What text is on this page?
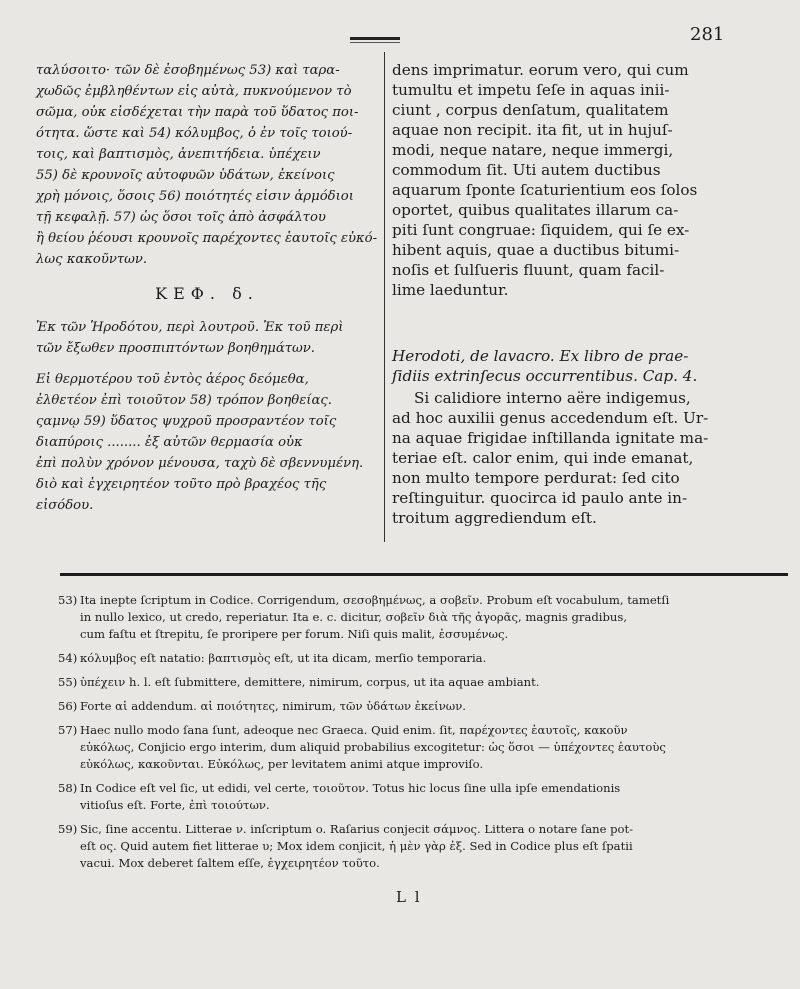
281

ταλύσοιτο· τῶν δὲ ἐσοβημένως 53) καὶ ταρα-

χωδῶς ἐμβληθέντων εἰς αὐτὰ, πυκνούμενον τὸ

σῶμα, οὐκ εἰσδέχεται τὴν παρὰ τοῦ ὕδατος ποι-

ότητα. ὥστε καὶ 54) κόλυμβος, ὁ ἐν τοῖς τοιού-

τοις, καὶ βαπτισμὸς, ἀνεπιτήδεια. ὑπέχειν

55) δὲ κρουνοῖς αὐτοφυῶν ὑδάτων, ἐκείνοις

χρὴ μόνοις, ὅσοις 56) ποιότητές εἰσιν ἁρμόδιοι

τῇ κεφαλῇ. 57) ὡς ὅσοι τοῖς ἀπὸ ἀσφάλτου

ἢ θείου ῥέουσι κρουνοῖς παρέχοντες ἑαυτοῖς εὐκό-

λως κακοῦντων.

ΚΕΦ. δ.

Ἐκ τῶν Ἡροδότου, περὶ λουτροῦ. Ἐκ τοῦ περὶ

τῶν ἔξωθεν προσπιπτόντων βοηθημάτων.

Εἰ θερμοτέρου τοῦ ἐντὸς ἀέρος δεόμεθα,

ἐλθετέον ἐπὶ τοιοῦτον 58) τρόπον βοηθείας.

ςαμνῳ 59) ὕδατος ψυχροῦ προσραντέον τοῖς

διαπύροις ........ ἐξ αὐτῶν θερμασία οὐκ

ἐπὶ πολὺν χρόνον μένουσα, ταχὺ δὲ σβεννυμένη.

διὸ καὶ ἐγχειρητέον τοῦτο πρὸ βραχέος τῆς

εἰσόδου.

dens imprimatur. eorum vero, qui cum

tumultu et impetu ſeſe in aquas inii-

ciunt , corpus denſatum, qualitatem

aquae non recipit. ita fit, ut in hujuſ-

modi, neque natare, neque immergi,

commodum ſit. Uti autem ductibus

aquarum ſponte ſcaturientium eos ſolos

oportet, quibus qualitates illarum ca-

piti ſunt congruae: ſiquidem, qui ſe ex-

hibent aquis, quae a ductibus bitumi-

noſis et ſulſueris fluunt, quam facil-

lime laeduntur.

Herodoti, de lavacro. Ex libro de prae-

ſidiis extrinſecus occurrentibus. Cap. 4.

Si calidiore interno aëre indigemus,

ad hoc auxilii genus accedendum eſt. Ur-

na aquae frigidae inſtillanda ignitate ma-

teriae eſt. calor enim, qui inde emanat,

non multo tempore perdurat: ſed cito

reſtinguitur. quocirca id paulo ante in-

troitum aggrediendum eſt.

53) Ita inepte ſcriptum in Codice. Corrigendum, σεσοβημένως, a σοβεῖν. Probum eſt vocabulum, tametſi
in nullo lexico, ut credo, reperiatur. Ita e. c. dicitur, σοβεῖν διὰ τῆς ἀγορᾶς, magnis gradibus,
cum faſtu et ſtrepitu, ſe proripere per forum. Niſi quis malit, ἐσσυμένως.
54) κόλυμβος eſt natatio: βαπτισμὸς eſt, ut ita dicam, merſio temporaria.
55) ὑπέχειν h. l. eſt ſubmittere, demittere, nimirum, corpus, ut ita aquae ambiant.
56) Forte αἱ addendum. αἱ ποιότητες, nimirum, τῶν ὑδάτων ἐκείνων.
57) Haec nullo modo ſana ſunt, adeoque nec Graeca. Quid enim. ſit, παρέχοντες ἑαυτοῖς, κακοῦν
εὐκόλως, Conjicio ergo interim, dum aliquid probabilius excogitetur: ὡς ὅσοι — ὑπέχοντες ἑαυτοὺς
εὐκόλως, κακοῦνται. Εὐκόλως, per levitatem animi atque improviſo.
58) In Codice eſt vel ſic, ut edidi, vel certe, τοιοῦτον. Totus hic locus ſine ulla ipſe emendationis
vitioſus eſt. Forte, ἐπὶ τοιούτων.
59) Sic, ſine accentu. Litterae ν. inſcriptum o. Raſarius conjecit σάμνος. Littera o notare ſane pot-
eſt ος. Quid autem fiet litterae υ; Mox idem conjicit, ἡ μὲν γὰρ ἐξ. Sed in Codice plus eſt ſpatii
vacui. Mox deberet ſaltem eſſe, ἐγχειρητέον τοῦτο.
L l
